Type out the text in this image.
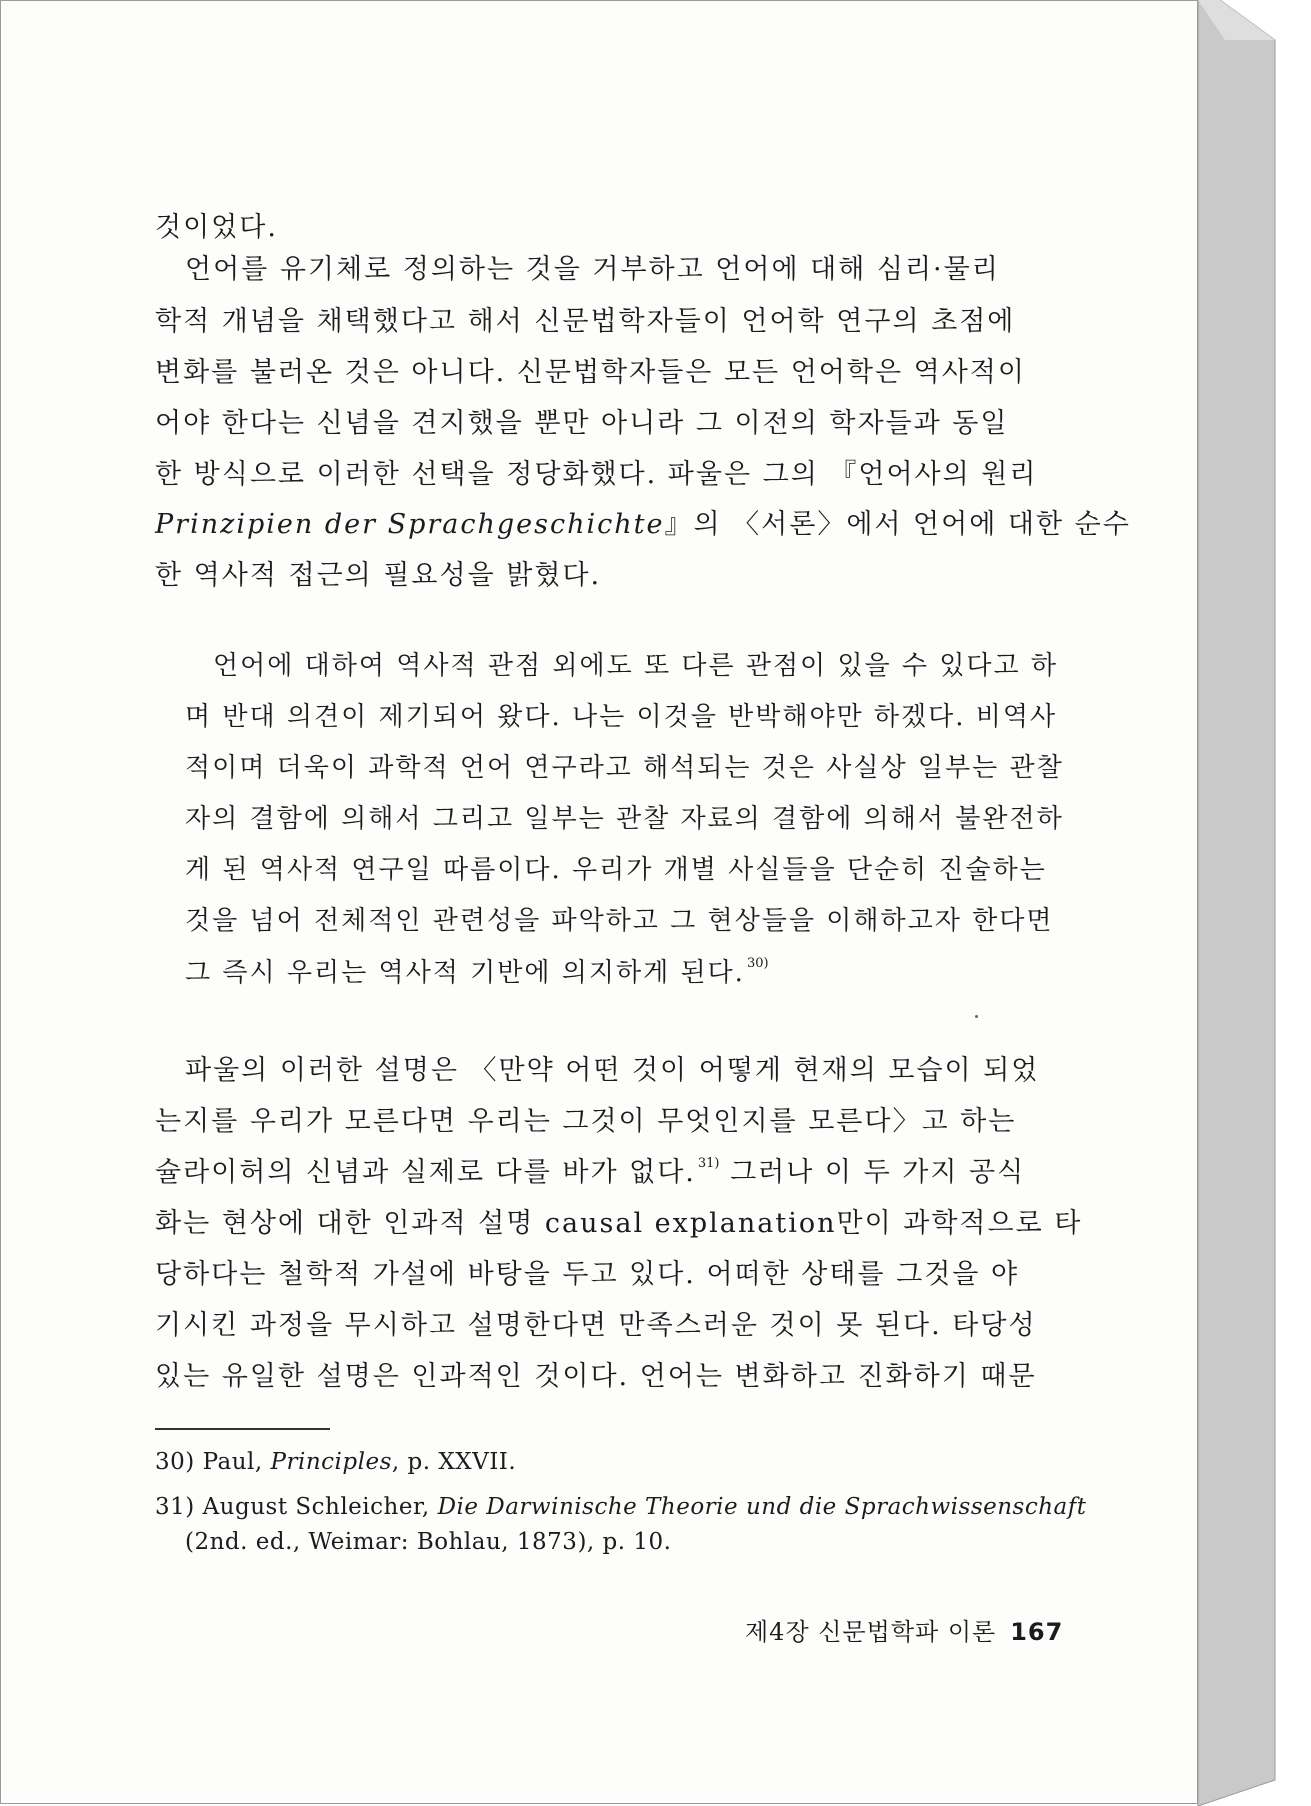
것이었다.
언어를 유기체로 정의하는 것을 거부하고 언어에 대해 심리·물리
학적 개념을 채택했다고 해서 신문법학자들이 언어학 연구의 초점에
변화를 불러온 것은 아니다. 신문법학자들은 모든 언어학은 역사적이
어야 한다는 신념을 견지했을 뿐만 아니라 그 이전의 학자들과 동일
한 방식으로 이러한 선택을 정당화했다. 파울은 그의 『언어사의 원리
Prinzipien der Sprachgeschichte』의 〈서론〉에서 언어에 대한 순수
한 역사적 접근의 필요성을 밝혔다.
언어에 대하여 역사적 관점 외에도 또 다른 관점이 있을 수 있다고 하
며 반대 의견이 제기되어 왔다. 나는 이것을 반박해야만 하겠다. 비역사
적이며 더욱이 과학적 언어 연구라고 해석되는 것은 사실상 일부는 관찰
자의 결함에 의해서 그리고 일부는 관찰 자료의 결함에 의해서 불완전하
게 된 역사적 연구일 따름이다. 우리가 개별 사실들을 단순히 진술하는
것을 넘어 전체적인 관련성을 파악하고 그 현상들을 이해하고자 한다면
그 즉시 우리는 역사적 기반에 의지하게 된다. $^{30)}$
파울의 이러한 설명은 〈만약 어떤 것이 어떻게 현재의 모습이 되었
는지를 우리가 모른다면 우리는 그것이 무엇인지를 모른다〉고 하는
슐라이허의 신념과 실제로 다를 바가 없다. $^{31)}$ 그러나 이 두 가지 공식
화는 현상에 대한 인과적 설명 causal explanation만이 과학적으로 타
당하다는 철학적 가설에 바탕을 두고 있다. 어떠한 상태를 그것을 야
기시킨 과정을 무시하고 설명한다면 만족스러운 것이 못 된다. 타당성
있는 유일한 설명은 인과적인 것이다. 언어는 변화하고 진화하기 때문
30) Paul, Principles, p. XXVII.
31) August Schleicher, Die Darwinische Theorie und die Sprachwissenschaft
(2nd. ed., Weimar: Bohlau, 1873), p. 10.
제4장 신문법학파 이론 167
